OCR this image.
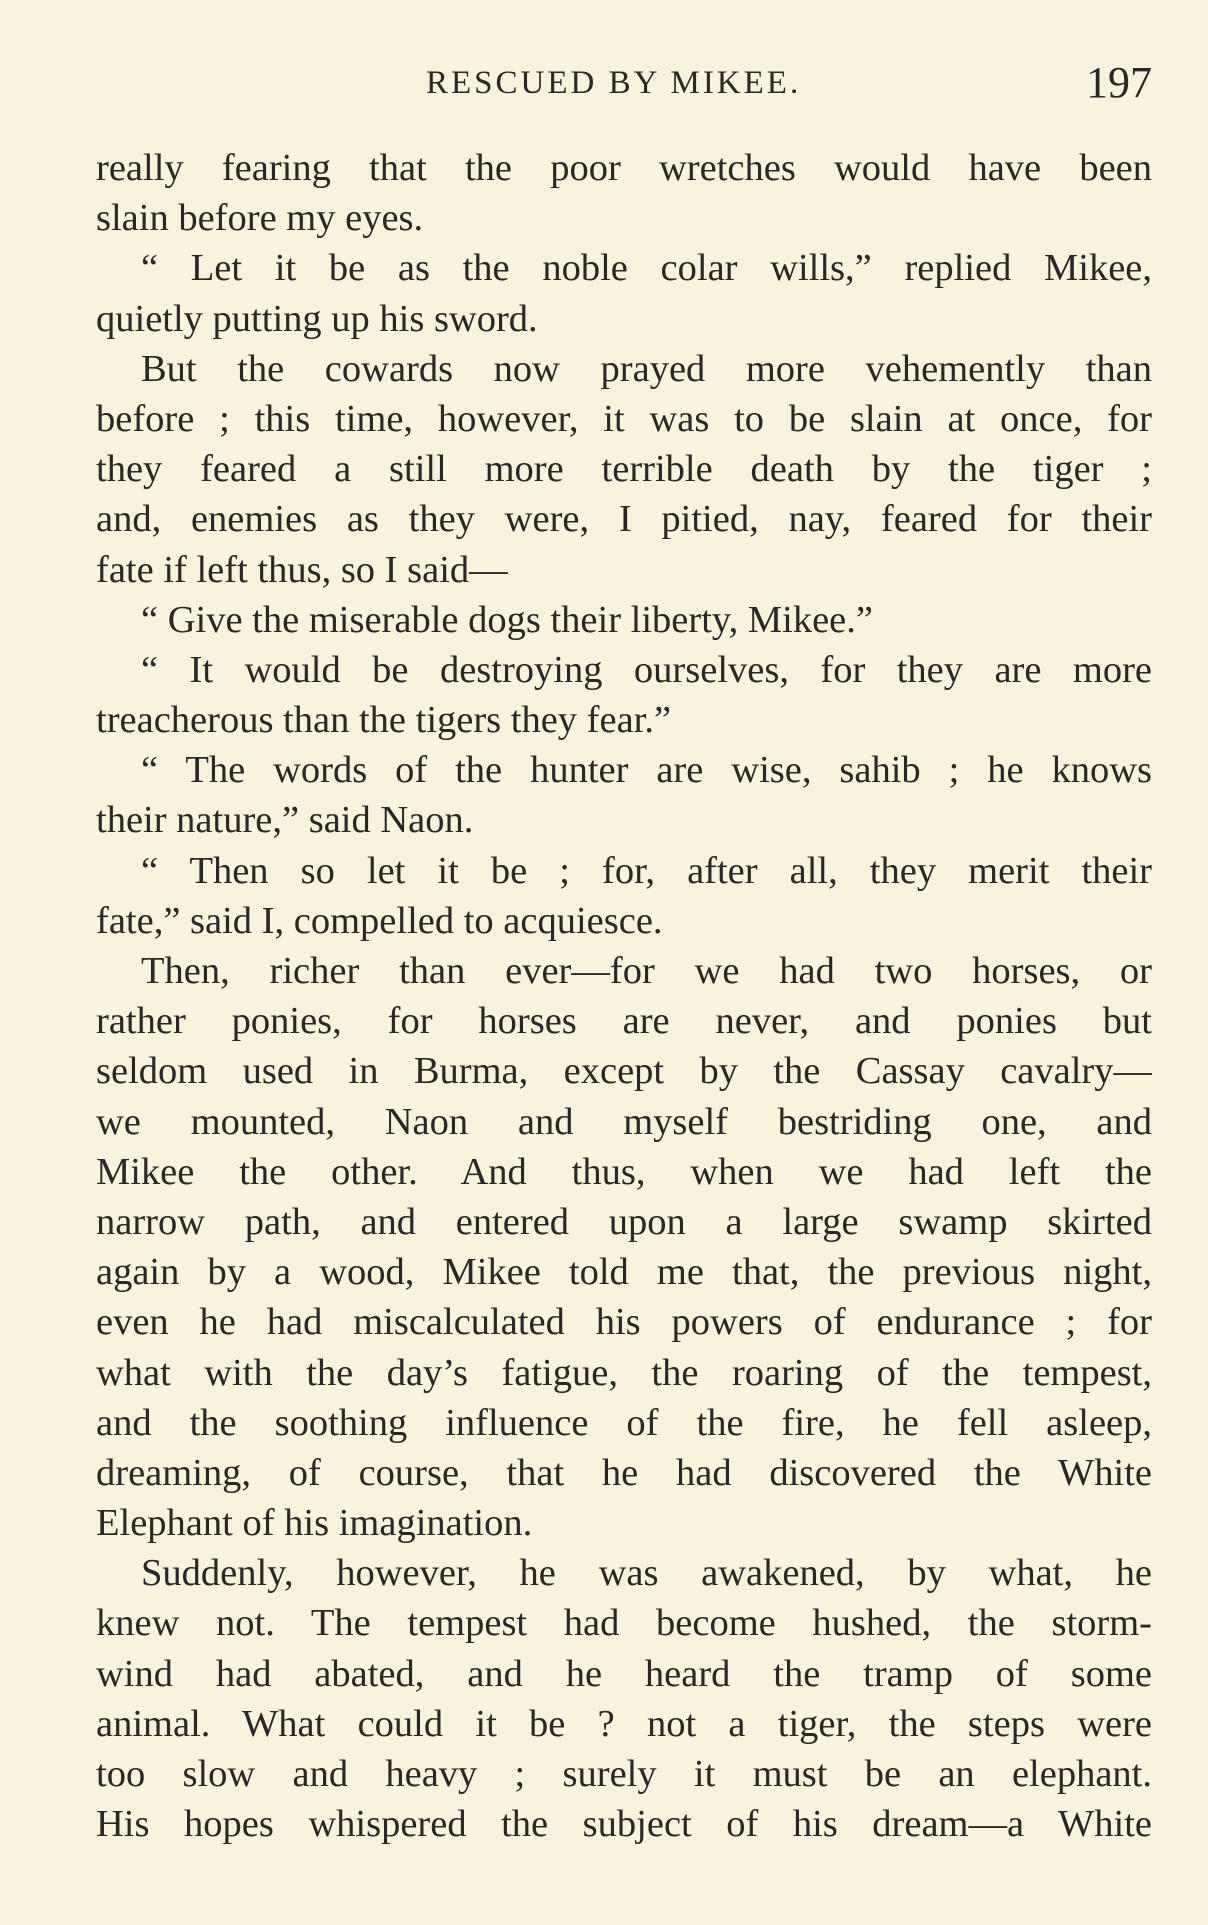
RESCUED BY MIKEE.	197
really fearing that the poor wretches would have been
slain before my eyes.
“ Let it be as the noble colar wills,” replied Mikee,
quietly putting up his sword.
But the cowards now prayed more vehemently than
before ; this time, however, it was to be slain at once, for
they feared a still more terrible death by the tiger ;
and, enemies as they were, I pitied, nay, feared for their
fate if left thus, so I said—
“ Give the miserable dogs their liberty, Mikee.”
“ It would be destroying ourselves, for they are more
treacherous than the tigers they fear.”
“ The words of the hunter are wise, sahib ; he knows
their nature,” said Naon.
“ Then so let it be ; for, after all, they merit their
fate,” said I, compelled to acquiesce.
Then, richer than ever—for we had two horses, or
rather ponies, for horses are never, and ponies but
seldom used in Burma, except by the Cassay cavalry—
we mounted, Naon and myself bestriding one, and
Mikee the other. And thus, when we had left the
narrow path, and entered upon a large swamp skirted
again by a wood, Mikee told me that, the previous night,
even he had miscalculated his powers of endurance ; for
what with the day’s fatigue, the roaring of the tempest,
and the soothing influence of the fire, he fell asleep,
dreaming, of course, that he had discovered the White
Elephant of his imagination.
Suddenly, however, he was awakened, by what, he
knew not. The tempest had become hushed, the storm-
wind had abated, and he heard the tramp of some
animal. What could it be ? not a tiger, the steps were
too slow and heavy ; surely it must be an elephant.
His hopes whispered the subject of his dream—a White
